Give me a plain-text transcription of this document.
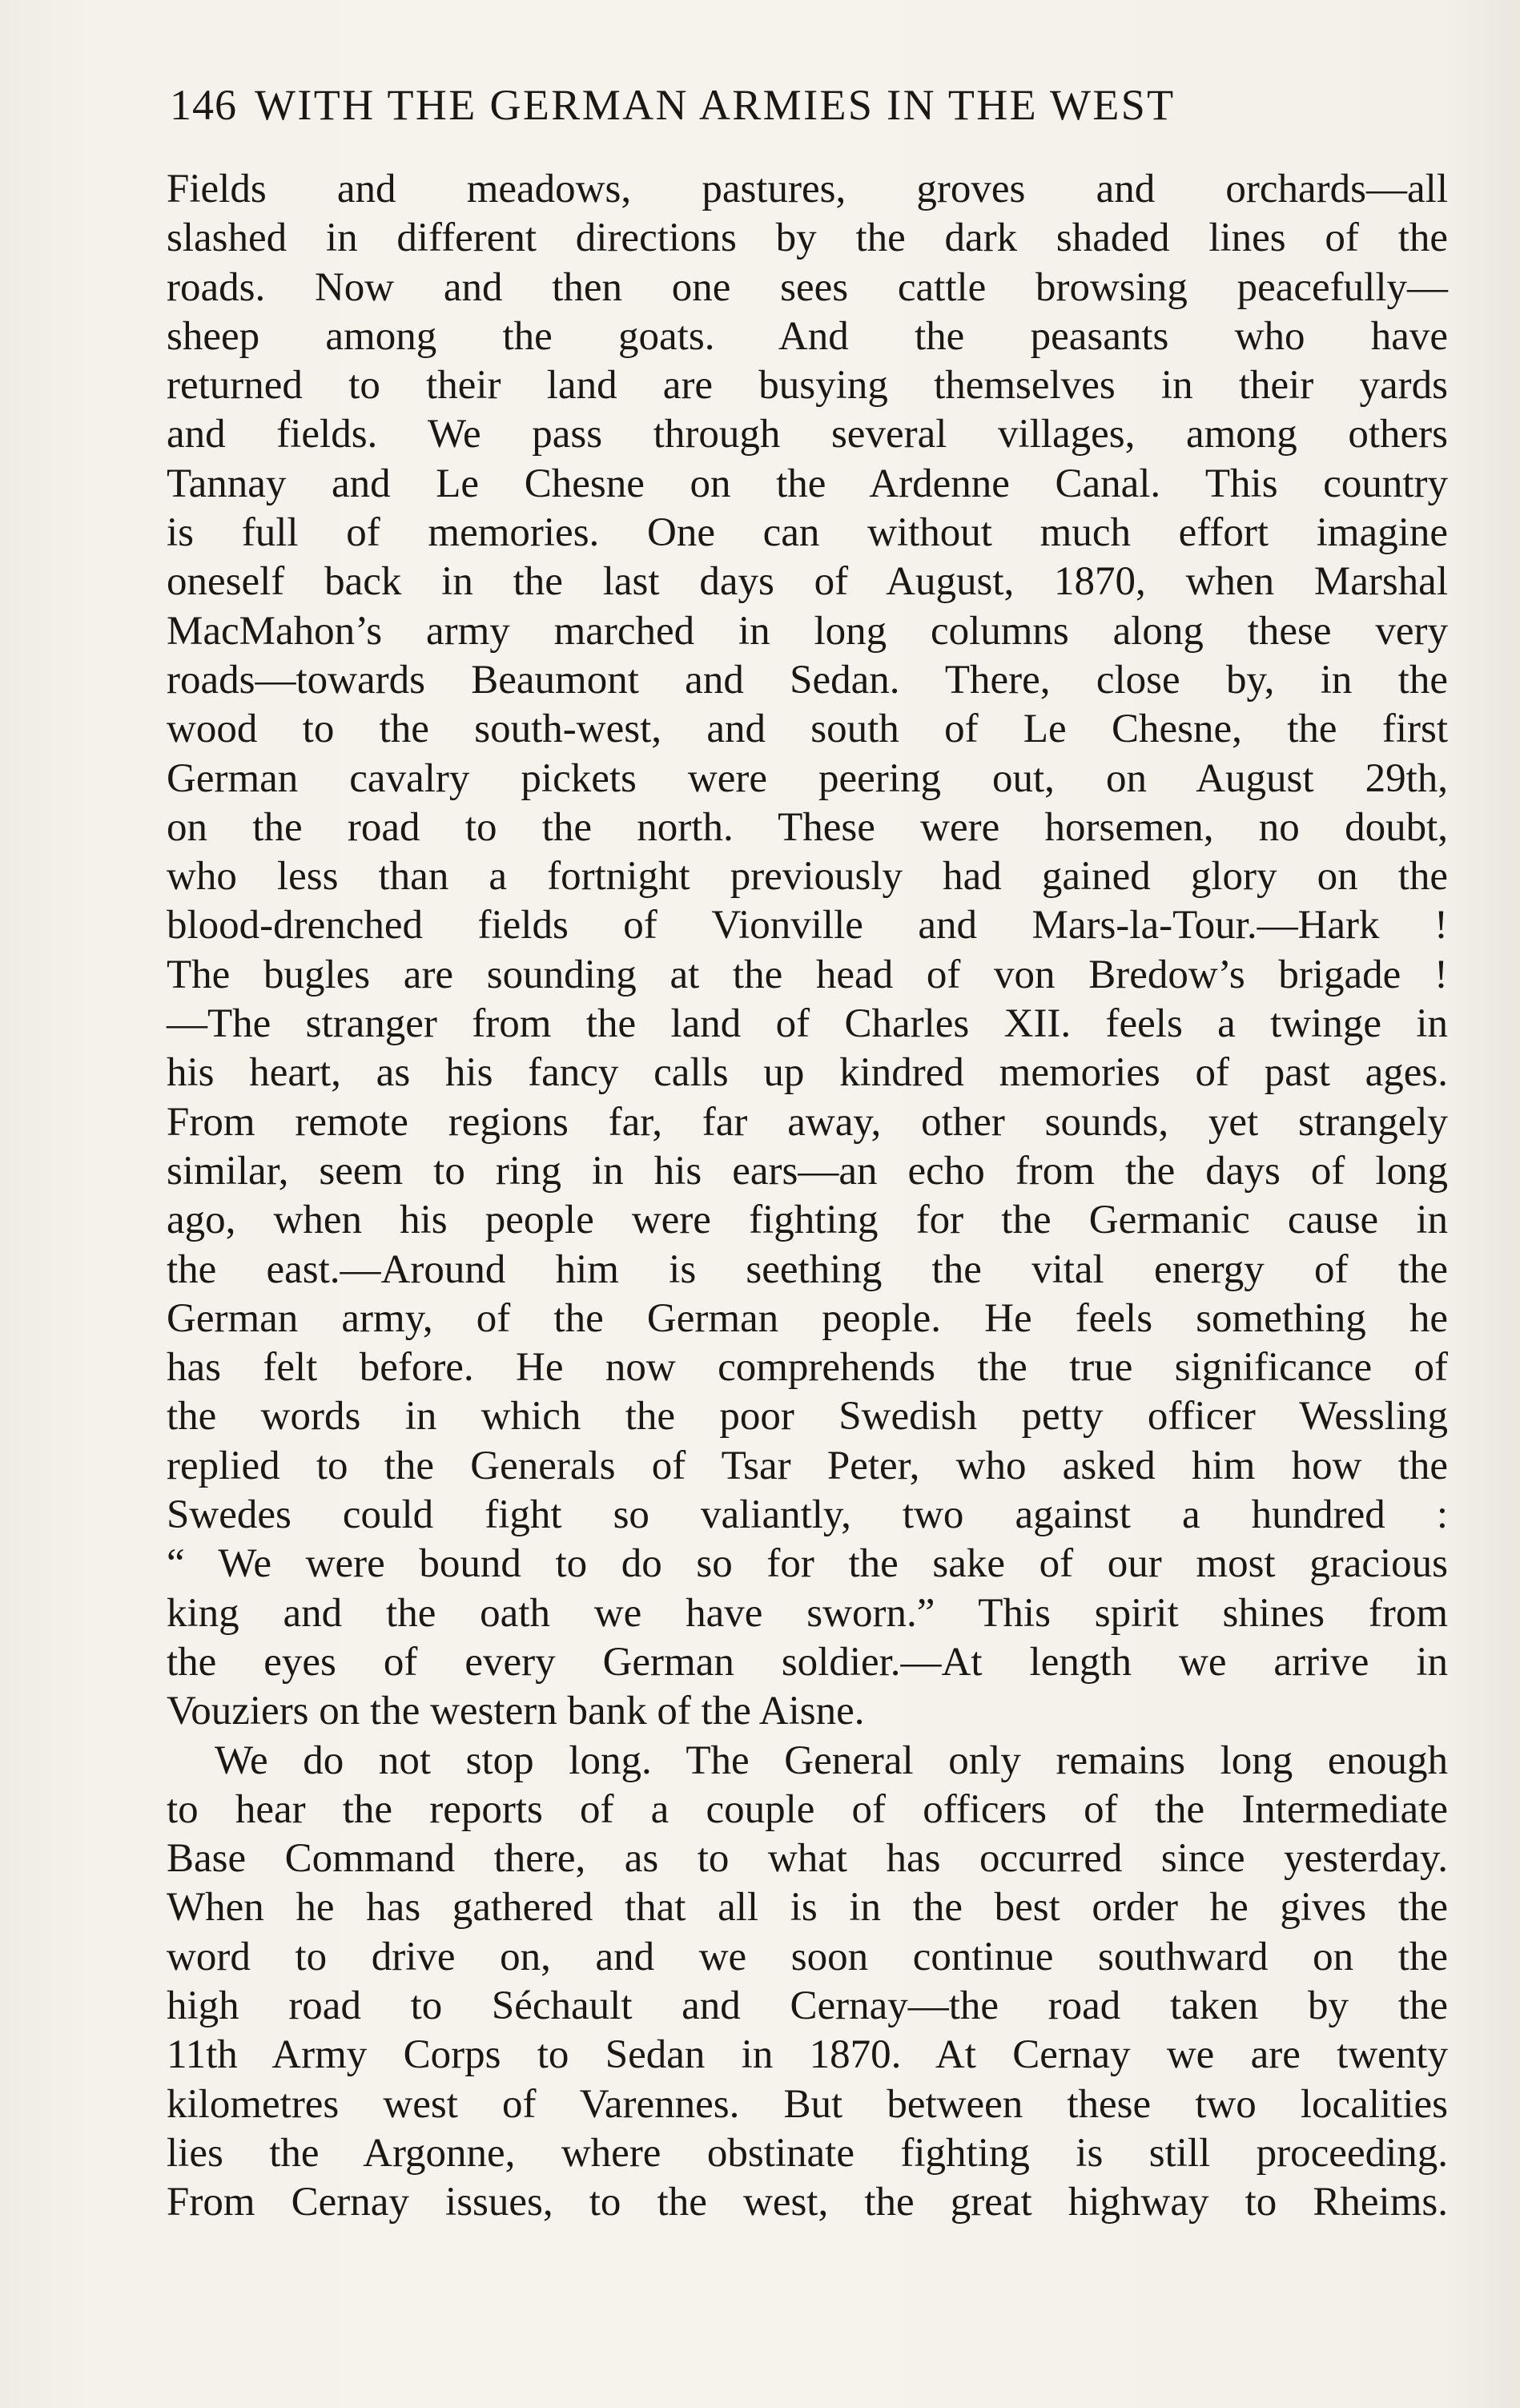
146 WITH THE GERMAN ARMIES IN THE WEST
Fields and meadows, pastures, groves and orchards—all
slashed in different directions by the dark shaded lines of the
roads. Now and then one sees cattle browsing peacefully—
sheep among the goats. And the peasants who have
returned to their land are busying themselves in their yards
and fields. We pass through several villages, among others
Tannay and Le Chesne on the Ardenne Canal. This country
is full of memories. One can without much effort imagine
oneself back in the last days of August, 1870, when Marshal
MacMahon’s army marched in long columns along these very
roads—towards Beaumont and Sedan. There, close by, in the
wood to the south-west, and south of Le Chesne, the first
German cavalry pickets were peering out, on August 29th,
on the road to the north. These were horsemen, no doubt,
who less than a fortnight previously had gained glory on the
blood-drenched fields of Vionville and Mars-la-Tour.—Hark !
The bugles are sounding at the head of von Bredow’s brigade !
—The stranger from the land of Charles XII. feels a twinge in
his heart, as his fancy calls up kindred memories of past ages.
From remote regions far, far away, other sounds, yet strangely
similar, seem to ring in his ears—an echo from the days of long
ago, when his people were fighting for the Germanic cause in
the east.—Around him is seething the vital energy of the
German army, of the German people. He feels something he
has felt before. He now comprehends the true significance of
the words in which the poor Swedish petty officer Wessling
replied to the Generals of Tsar Peter, who asked him how the
Swedes could fight so valiantly, two against a hundred :
“ We were bound to do so for the sake of our most gracious
king and the oath we have sworn.” This spirit shines from
the eyes of every German soldier.—At length we arrive in
Vouziers on the western bank of the Aisne.
We do not stop long. The General only remains long enough
to hear the reports of a couple of officers of the Intermediate
Base Command there, as to what has occurred since yesterday.
When he has gathered that all is in the best order he gives the
word to drive on, and we soon continue southward on the
high road to Séchault and Cernay—the road taken by the
11th Army Corps to Sedan in 1870. At Cernay we are twenty
kilometres west of Varennes. But between these two localities
lies the Argonne, where obstinate fighting is still proceeding.
From Cernay issues, to the west, the great highway to Rheims.
